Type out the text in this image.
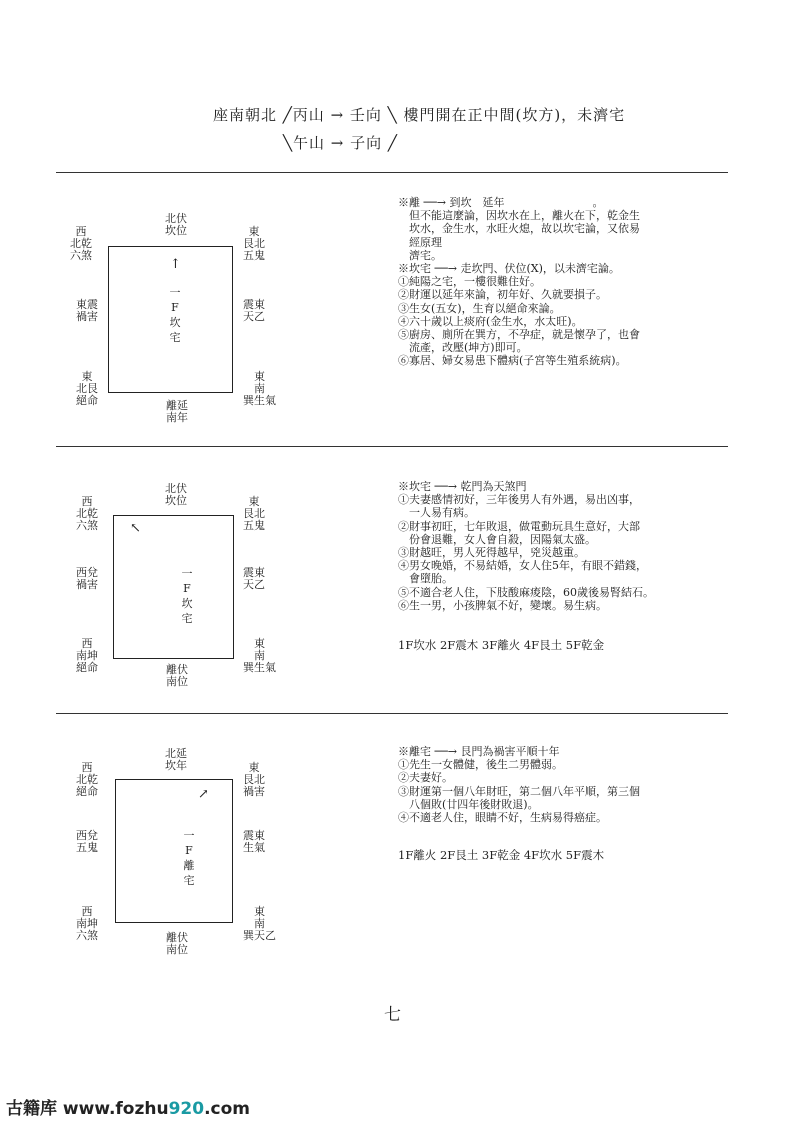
座南朝北 ╱丙山 → 壬向 ╲ 樓門開在正中間(坎方)，未濟宅
╲午山 → 子向 ╱
北伏
坎位
↑
一
F
坎
宅
西
北乾
六煞
東震
禍害
東
北艮
絕命
東
艮北
五鬼
震東
天乙
東
南
巽生氣
離延
南年
※離 ──→ 到坎　延年　　　　　　　　。
　但不能這麼論，因坎水在上，離火在下，乾金生
　坎水，金生水，水旺火熄，故以坎宅論，又依易
　經原理
　濟宅。
※坎宅 ──→ 走坎門、伏位(X)，以未濟宅論。
①純陽之宅，一樓很難住好。
②財運以延年來論，初年好、久就要損子。
③生女(五女)，生育以絕命來論。
④六十歲以上痰府(金生水，水太旺)。
⑤廚房、廁所在巽方，不孕症，就是懷孕了，也會
　流產，改壓(坤方)即可。
⑥寡居、婦女易患下體病(子宮等生殖系統病)。
北伏
坎位
↖
一
F
坎
宅
西
北乾
六煞
西兌
禍害
西
南坤
絕命
東
艮北
五鬼
震東
天乙
東
南
巽生氣
離伏
南位
※坎宅 ──→ 乾門為天煞門
①夫妻感情初好，三年後男人有外遇，易出凶事，
　一人易有病。
②財事初旺，七年敗退，做電動玩具生意好，大部
　份會退難，女人會自殺，因陽氣太盛。
③財越旺，男人死得越早，兇災越重。
④男女晚婚，不易結婚，女人住5年，有眼不錯錢，
　會墮胎。
⑤不適合老人住，下肢酸麻痠陰，60歲後易腎結石。
⑥生一男，小孩脾氣不好，變壞。易生病。
1F坎水 2F震木 3F離火 4F艮土 5F乾金
北延
坎年
↗
一
F
離
宅
西
北乾
絕命
西兌
五鬼
西
南坤
六煞
東
艮北
禍害
震東
生氣
東
南
巽天乙
離伏
南位
※離宅 ──→ 艮門為禍害平順十年
①先生一女體健，後生二男體弱。
②夫妻好。
③財運第一個八年財旺，第二個八年平順，第三個
　八個敗(廿四年後財敗退)。
④不適老人住，眼睛不好，生病易得癌症。
1F離火 2F艮土 3F乾金 4F坎水 5F震木
七
古籍库 www.fozhu920.com
